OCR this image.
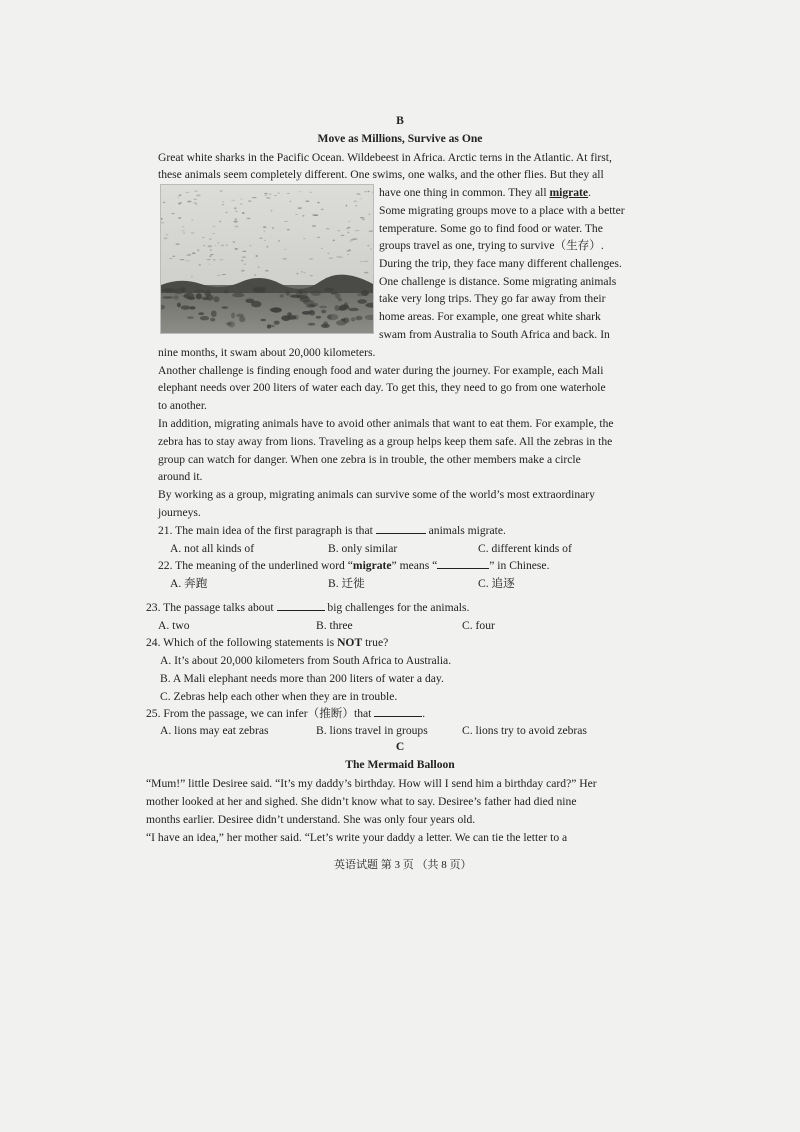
B
Move as Millions, Survive as One
Great white sharks in the Pacific Ocean. Wildebeest in Africa. Arctic terns in the Atlantic. At first,
these animals seem completely different. One swims, one walks, and the other flies. But they all
have one thing in common. They all migrate.
Some migrating groups move to a place with a better
temperature. Some go to find food or water. The
groups travel as one, trying to survive（生存）.
During the trip, they face many different challenges.
One challenge is distance. Some migrating animals
take very long trips. They go far away from their
home areas. For example, one great white shark
swam from Australia to South Africa and back. In
nine months, it swam about 20,000 kilometers.
Another challenge is finding enough food and water during the journey. For example, each Mali
elephant needs over 200 liters of water each day. To get this, they need to go from one waterhole
to another.
In addition, migrating animals have to avoid other animals that want to eat them. For example, the
zebra has to stay away from lions. Traveling as a group helps keep them safe. All the zebras in the
group can watch for danger. When one zebra is in trouble, the other members make a circle
around it.
By working as a group, migrating animals can survive some of the world’s most extraordinary
journeys.
21. The main idea of the first paragraph is that	animals migrate.
A. not all kinds of	B. only similar	C. different kinds of
22. The meaning of the underlined word “migrate” means “	” in Chinese.
A. 奔跑	B. 迁徙	C. 追逐
23. The passage talks about	big challenges for the animals.
A. two	B. three	C. four
24. Which of the following statements is NOT true?
A. It’s about 20,000 kilometers from South Africa to Australia.
B. A Mali elephant needs more than 200 liters of water a day.
C. Zebras help each other when they are in trouble.
25. From the passage, we can infer（推断）that	.
A. lions may eat zebras	B. lions travel in groups	C. lions try to avoid zebras
C
The Mermaid Balloon
“Mum!” little Desiree said. “It’s my daddy’s birthday. How will I send him a birthday card?” Her
mother looked at her and sighed. She didn’t know what to say. Desiree’s father had died nine
months earlier. Desiree didn’t understand. She was only four years old.
“I have an idea,” her mother said. “Let’s write your daddy a letter. We can tie the letter to a
英语试题 第 3 页 （共 8 页）
